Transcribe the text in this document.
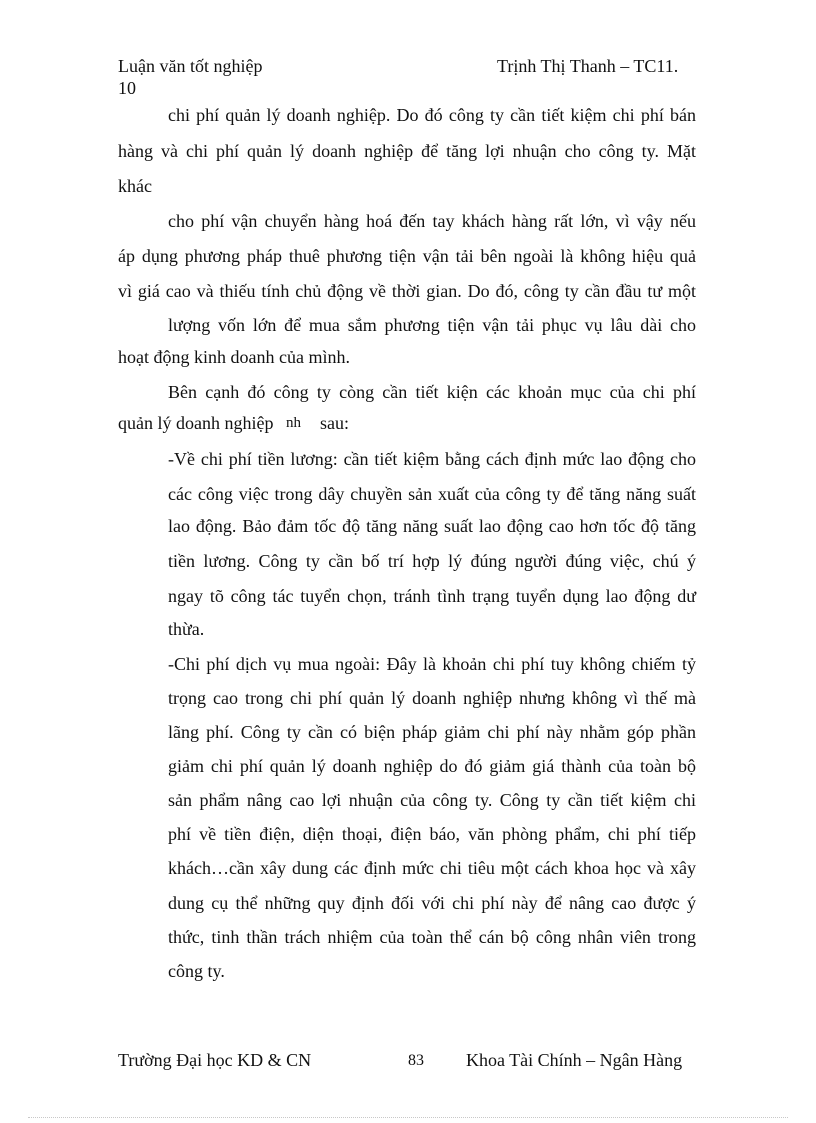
Luận văn tốt nghiệp	Trịnh Thị Thanh – TC11.
10
chi phí quản lý doanh nghiệp. Do đó công ty cần tiết kiệm chi phí bán
hàng và chi phí quản lý doanh nghiệp để tăng lợi nhuận cho công ty. Mặt
khác
cho phí vận chuyển hàng hoá đến tay khách hàng rất lớn, vì vậy nếu
áp dụng phương pháp thuê phương tiện vận tải bên ngoài là không hiệu quả
vì giá cao và thiếu tính chủ động về thời gian. Do đó, công ty cần đầu tư một
lượng vốn lớn để mua sắm phương tiện vận tải phục vụ lâu dài cho
hoạt động kinh doanh của mình.
Bên cạnh đó công ty còng cần tiết kiện các khoản mục của chi phí
quản lý doanh nghiệp nh	sau:
-Về chi phí tiền lương: cần tiết kiệm bằng cách định mức lao động cho
các công việc trong dây chuyền sản xuất của công ty để tăng năng suất
lao động. Bảo đảm tốc độ tăng năng suất lao động cao hơn tốc độ tăng
tiền lương. Công ty cần bố trí hợp lý đúng người đúng việc, chú ý
ngay tõ công tác tuyển chọn, tránh tình trạng tuyển dụng lao động dư
thừa.
-Chi phí dịch vụ mua ngoài: Đây là khoản chi phí tuy không chiếm tỷ
trọng cao trong chi phí quản lý doanh nghiệp nhưng không vì thế mà
lãng phí. Công ty cần có biện pháp giảm chi phí này nhằm góp phần
giảm chi phí quản lý doanh nghiệp do đó giảm giá thành của toàn bộ
sản phẩm nâng cao lợi nhuận của công ty. Công ty cần tiết kiệm chi
phí về tiền điện, diện thoại, điện báo, văn phòng phẩm, chi phí tiếp
khách…cần xây dung các định mức chi tiêu một cách khoa học và xây
dung cụ thể những quy định đối với chi phí này để nâng cao được ý
thức, tinh thần trách nhiệm của toàn thể cán bộ công nhân viên trong
công ty.
Trường Đại học KD & CN	83 Khoa Tài Chính – Ngân Hàng
